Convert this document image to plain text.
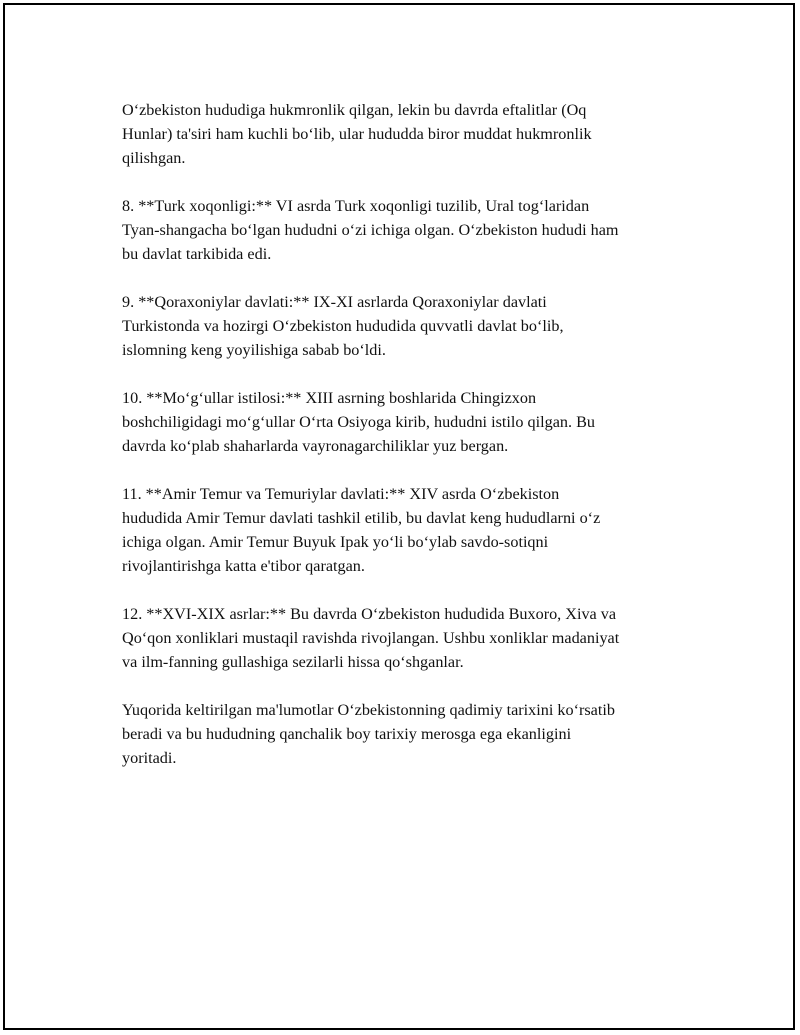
O‘zbekiston hududiga hukmronlik qilgan, lekin bu davrda eftalitlar (Oq
Hunlar) ta'siri ham kuchli bo‘lib, ular hududda biror muddat hukmronlik
qilishgan.

8. **Turk xoqonligi:** VI asrda Turk xoqonligi tuzilib, Ural tog‘laridan
Tyan-shangacha bo‘lgan hududni o‘zi ichiga olgan. O‘zbekiston hududi ham
bu davlat tarkibida edi.

9. **Qoraxoniylar davlati:** IX-XI asrlarda Qoraxoniylar davlati
Turkistonda va hozirgi O‘zbekiston hududida quvvatli davlat bo‘lib,
islomning keng yoyilishiga sabab bo‘ldi.

10. **Mo‘g‘ullar istilosi:** XIII asrning boshlarida Chingizxon
boshchiligidagi mo‘g‘ullar O‘rta Osiyoga kirib, hududni istilo qilgan. Bu
davrda ko‘plab shaharlarda vayronagarchiliklar yuz bergan.

11. **Amir Temur va Temuriylar davlati:** XIV asrda O‘zbekiston
hududida Amir Temur davlati tashkil etilib, bu davlat keng hududlarni o‘z
ichiga olgan. Amir Temur Buyuk Ipak yo‘li bo‘ylab savdo-sotiqni
rivojlantirishga katta e'tibor qaratgan.

12. **XVI-XIX asrlar:** Bu davrda O‘zbekiston hududida Buxoro, Xiva va
Qo‘qon xonliklari mustaqil ravishda rivojlangan. Ushbu xonliklar madaniyat
va ilm-fanning gullashiga sezilarli hissa qo‘shganlar.

Yuqorida keltirilgan ma'lumotlar O‘zbekistonning qadimiy tarixini ko‘rsatib
beradi va bu hududning qanchalik boy tarixiy merosga ega ekanligini
yoritadi.
